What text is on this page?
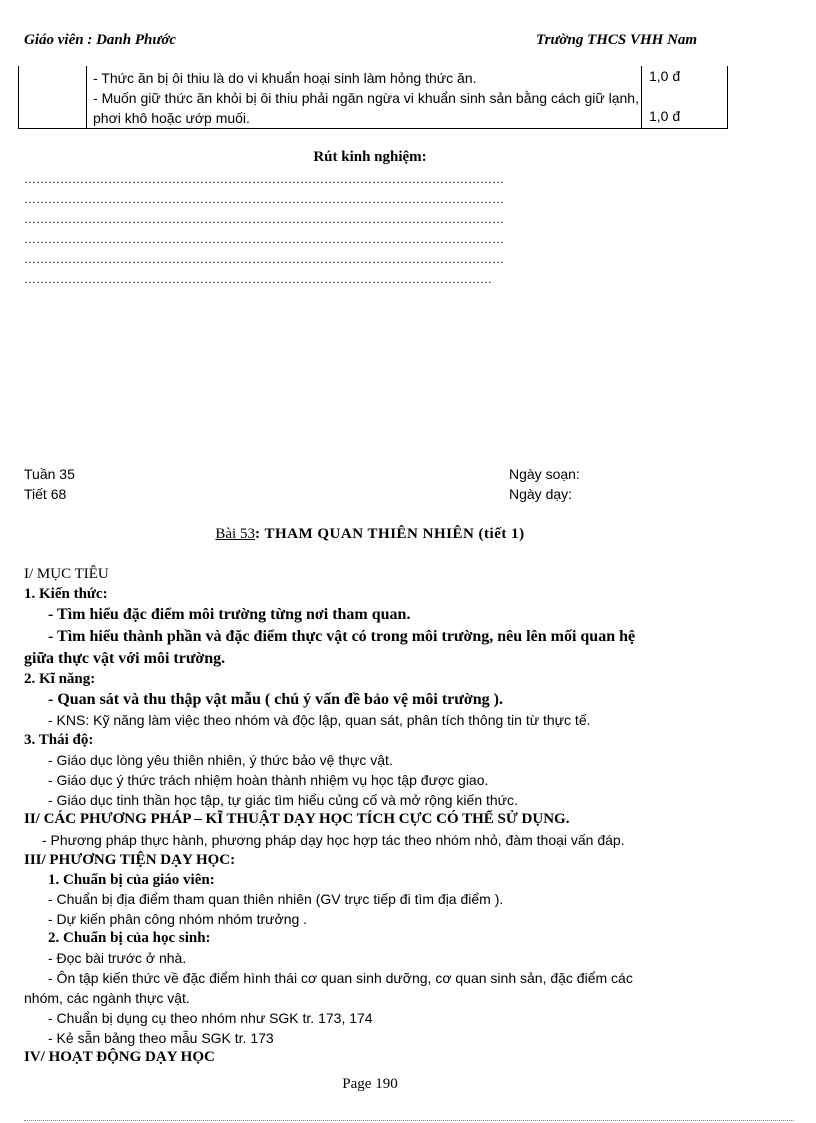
Giáo viên : Danh Phước	Trường THCS VHH Nam
- Thức ăn bị ôi thiu là do vi khuẩn hoại sinh làm hỏng thức ăn.
- Muốn giữ thức ăn khỏi bị ôi thiu phải ngăn ngừa vi khuẩn sinh sản bằng cách giữ lạnh, phơi khô hoặc ướp muối.
1,0 đ
1,0 đ
Rút kinh nghiệm:
…………………………………………………………………………………………………………
…………………………………………………………………………………………………………
…………………………………………………………………………………………………………
…………………………………………………………………………………………………………
…………………………………………………………………………………………………………
………………………………………………………………………………………………………
Tuần 35
Tiết 68
Ngày soạn:
Ngày dạy:
Bài 53: THAM QUAN THIÊN NHIÊN (tiết 1)
I/ MỤC TIÊU
1. Kiến thức:
- Tìm hiểu đặc điểm môi trường từng nơi tham quan.
- Tìm hiểu thành phần và đặc điểm thực vật có trong môi trường, nêu lên mối quan hệ
giữa thực vật với môi trường.
2. Kĩ năng:
- Quan sát và thu thập vật mẫu ( chú ý vấn đề bảo vệ môi trường ).
- KNS: Kỹ năng làm việc theo nhóm và độc lập, quan sát, phân tích thông tin từ thực tế.
3. Thái độ:
- Giáo dục lòng yêu thiên nhiên, ý thức bảo vệ thực vật.
- Giáo dục ý thức trách nhiệm hoàn thành nhiệm vụ học tập được giao.
- Giáo dục tinh thần học tập, tự giác tìm hiểu củng cố và mở rộng kiến thức.
II/ CÁC PHƯƠNG PHÁP – KĨ THUẬT DẠY HỌC TÍCH CỰC CÓ THỂ SỬ DỤNG.
- Phương pháp thực hành, phương pháp dạy học hợp tác theo nhóm nhỏ, đàm thoại vấn đáp.
III/ PHƯƠNG TIỆN DẠY HỌC:
1. Chuẩn bị của giáo viên:
- Chuẩn bị địa điểm tham quan thiên nhiên (GV trực tiếp đi tìm địa điểm ).
- Dự kiến phân công nhóm nhóm trưởng .
2. Chuẩn bị của học sinh:
- Đọc bài trước ở nhà.
- Ôn tập kiến thức về đặc điểm hình thái cơ quan sinh dưỡng, cơ quan sinh sản, đặc điểm các
nhóm, các ngành thực vật.
- Chuẩn bị dụng cụ theo nhóm như SGK tr. 173, 174
- Kẻ sẵn bảng theo mẫu SGK tr. 173
IV/ HOẠT ĐỘNG DẠY HỌC
Page 190
